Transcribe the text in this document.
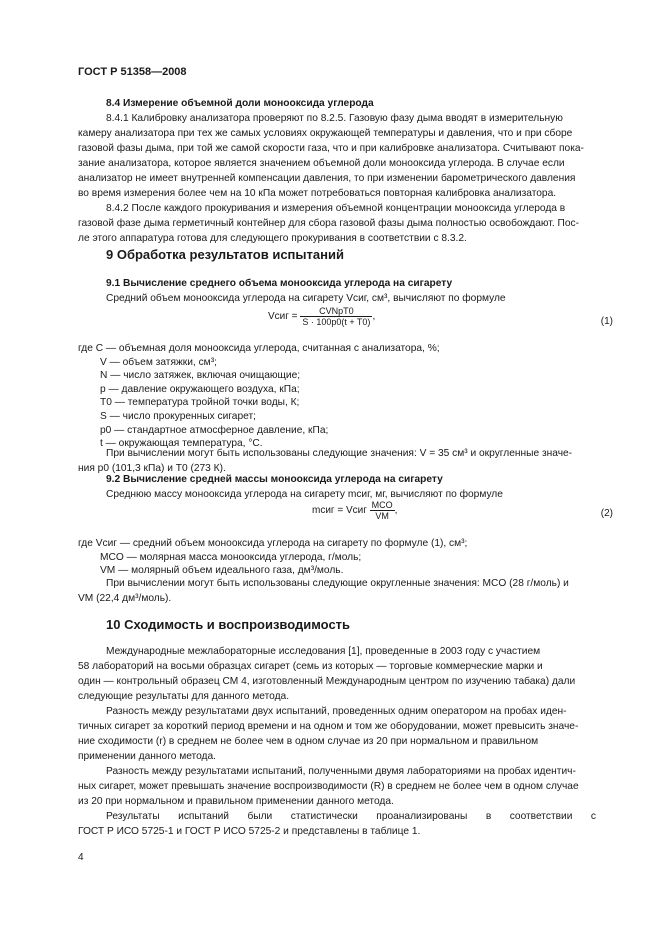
ГОСТ Р 51358—2008
8.4 Измерение объемной доли монооксида углерода
8.4.1 Калибровку анализатора проверяют по 8.2.5. Газовую фазу дыма вводят в измерительную
камеру анализатора при тех же самых условиях окружающей температуры и давления, что и при сборе
газовой фазы дыма, при той же самой скорости газа, что и при калибровке анализатора. Считывают пока-
зание анализатора, которое является значением объемной доли монооксида углерода. В случае если
анализатор не имеет внутренней компенсации давления, то при изменении барометрического давления
во время измерения более чем на 10 кПа может потребоваться повторная калибровка анализатора.
8.4.2 После каждого прокуривания и измерения объемной концентрации монооксида углерода в
газовой фазе дыма герметичный контейнер для сбора газовой фазы дыма полностью освобождают. Пос-
ле этого аппаратура готова для следующего прокуривания в соответствии с 8.3.2.
9 Обработка результатов испытаний
9.1 Вычисление среднего объема монооксида углерода на сигарету
Средний объем монооксида углерода на сигарету Vсиг, см³, вычисляют по формуле
Vсиг = $\frac{\text{CVNpT0}}{S \cdot 100p0(t + T0)}$ ,	(1)
где C — объемная доля монооксида углерода, считанная с анализатора, %;
V — объем затяжки, см³;
N — число затяжек, включая очищающие;
p — давление окружающего воздуха, кПа;
T0 — температура тройной точки воды, К;
S — число прокуренных сигарет;
p0 — стандартное атмосферное давление, кПа;
t — окружающая температура, °С.
При вычислении могут быть использованы следующие значения: V = 35 см³ и округленные значе-
ния p0 (101,3 кПа) и T0 (273 К).
9.2 Вычисление средней массы монооксида углерода на сигарету
Среднюю массу монооксида углерода на сигарету mсиг, мг, вычисляют по формуле
mсиг = Vсиг $\frac{\text{MCO}}{VM}$ ,	(2)
где Vсиг — средний объем монооксида углерода на сигарету по формуле (1), см³;
MCO — молярная масса монооксида углерода, г/моль;
VM — молярный объем идеального газа, дм³/моль.
При вычислении могут быть использованы следующие округленные значения: MCO (28 г/моль) и
VM (22,4 дм³/моль).
10 Сходимость и воспроизводимость
Международные межлабораторные исследования [1], проведенные в 2003 году с участием
58 лабораторий на восьми образцах сигарет (семь из которых — торговые коммерческие марки и
один — контрольный образец СМ 4, изготовленный Международным центром по изучению табака) дали
следующие результаты для данного метода.
Разность между результатами двух испытаний, проведенных одним оператором на пробах иден-
тичных сигарет за короткий период времени и на одном и том же оборудовании, может превысить значе-
ние сходимости (r) в среднем не более чем в одном случае из 20 при нормальном и правильном
применении данного метода.
Разность между результатами испытаний, полученными двумя лабораториями на пробах идентич-
ных сигарет, может превышать значение воспроизводимости (R) в среднем не более чем в одном случае
из 20 при нормальном и правильном применении данного метода.
Результаты испытаний были статистически проанализированы в соответствии с
ГОСТ Р ИСО 5725-1 и ГОСТ Р ИСО 5725-2 и представлены в таблице 1.
4
